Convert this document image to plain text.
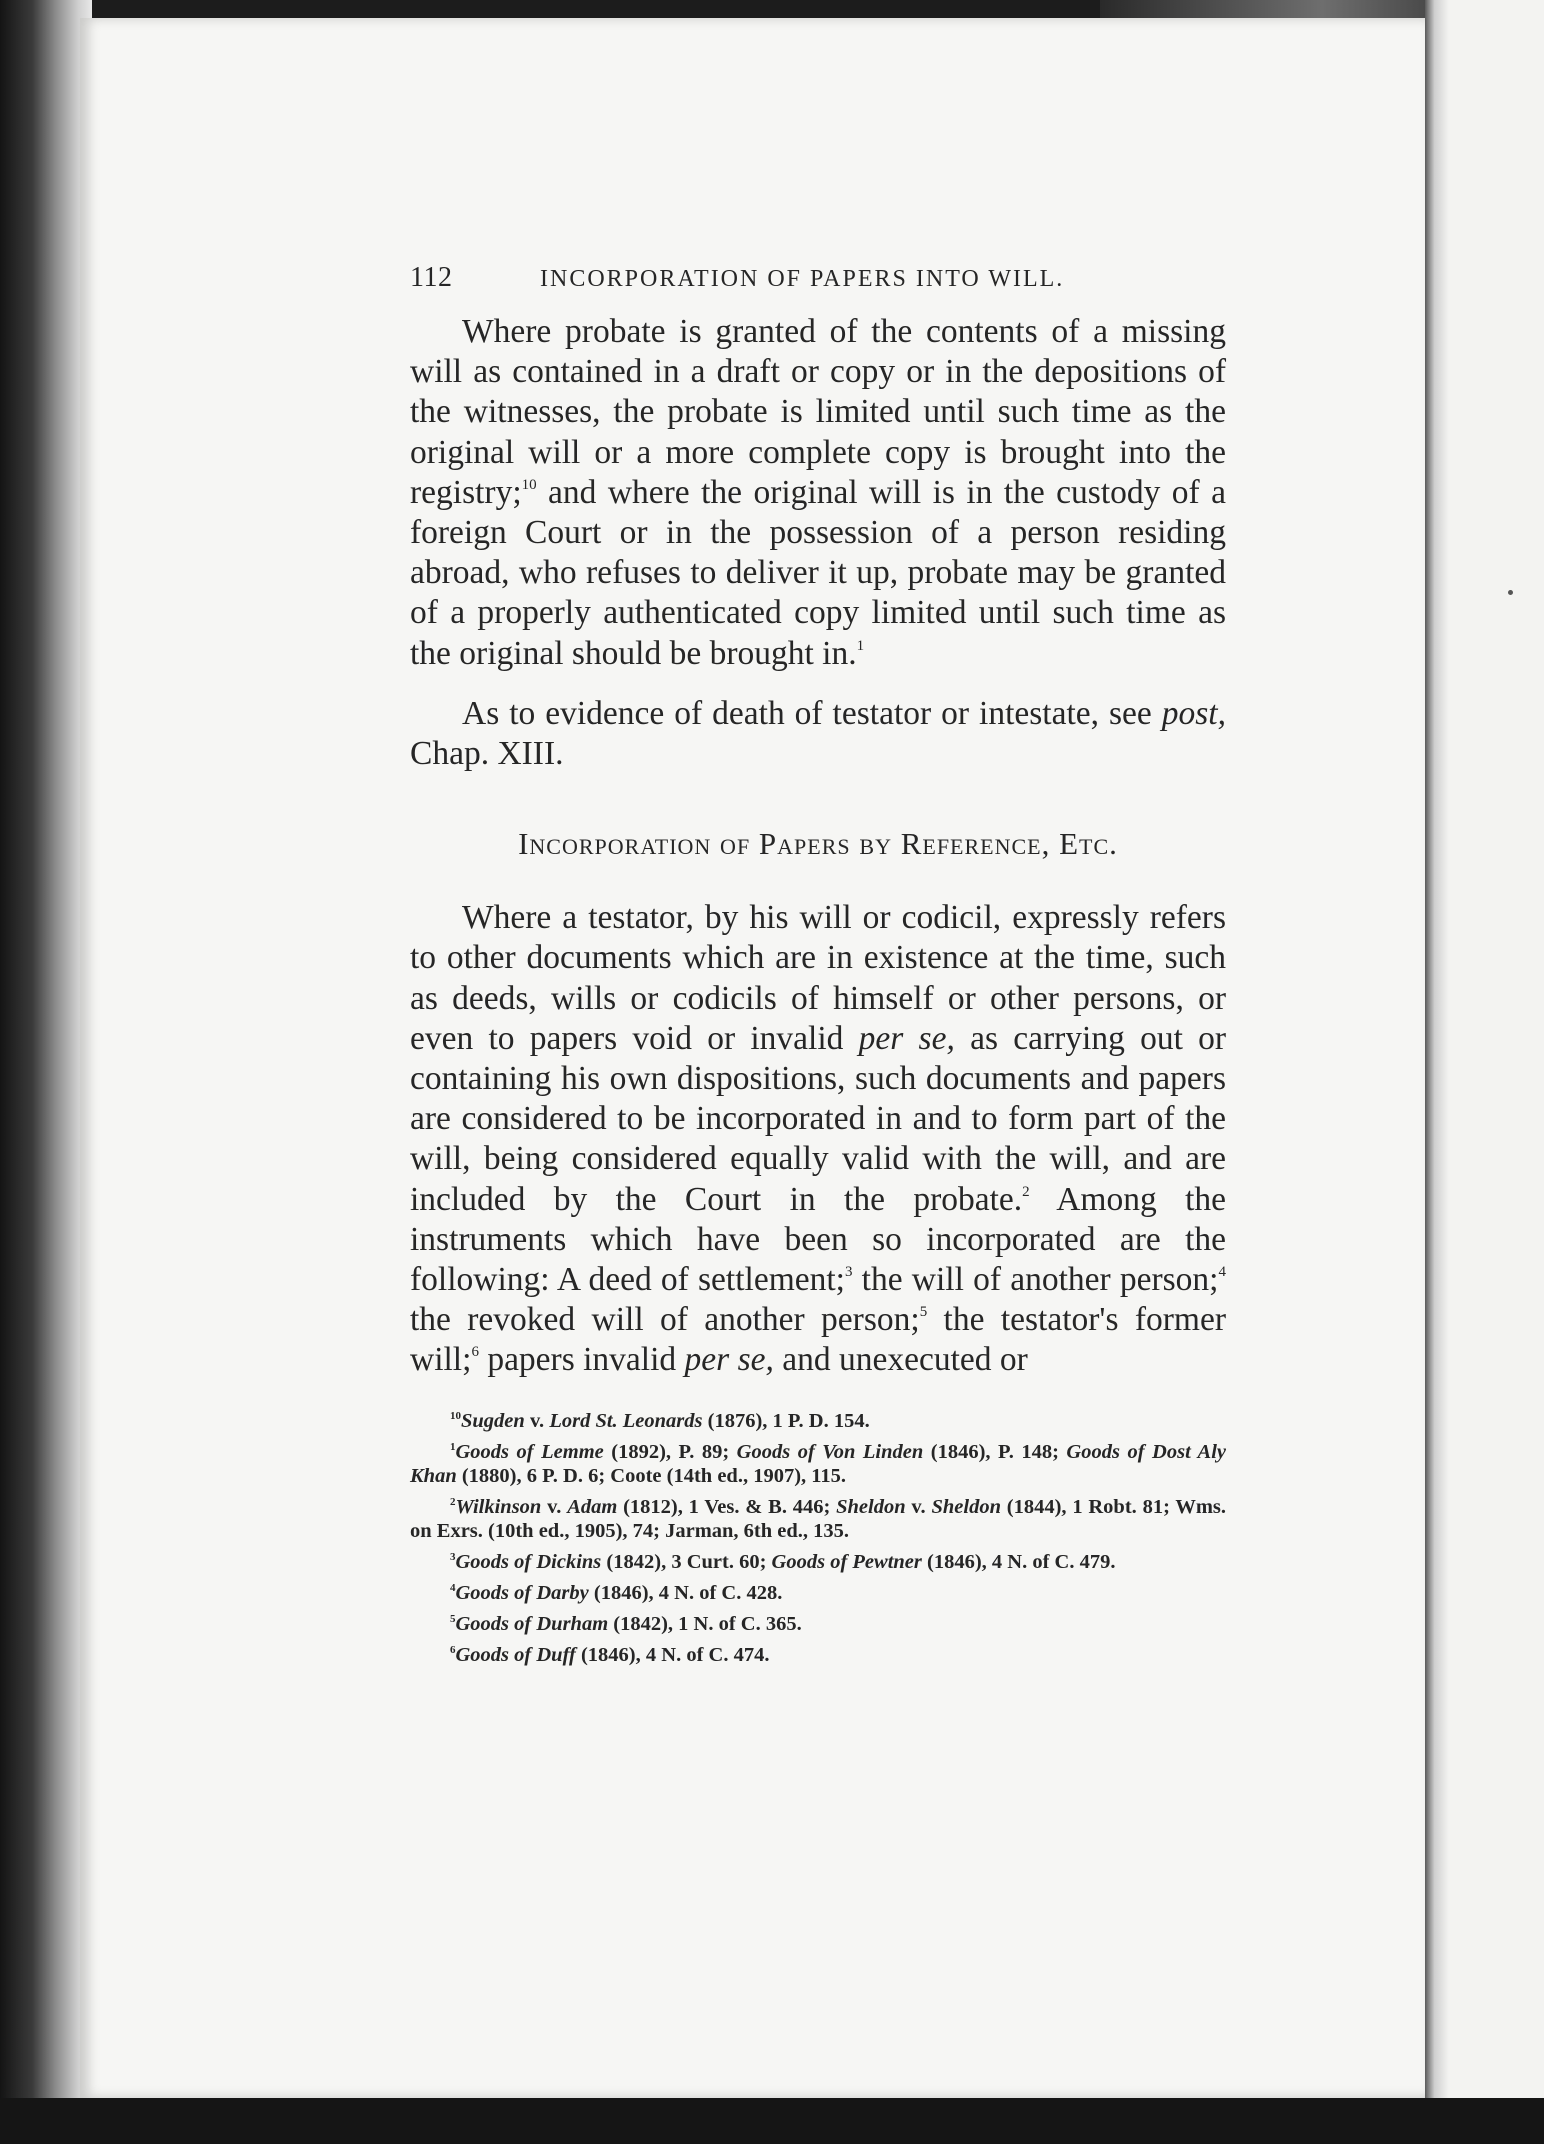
112	INCORPORATION OF PAPERS INTO WILL.

Where probate is granted of the contents of a missing will as contained in a draft or copy or in the depositions of the witnesses, the probate is limited until such time as the original will or a more complete copy is brought into the registry;$^{10}$ and where the original will is in the custody of a foreign Court or in the possession of a person residing abroad, who refuses to deliver it up, probate may be granted of a properly authenticated copy limited until such time as the original should be brought in.$^1$

As to evidence of death of testator or intestate, see post, Chap. XIII.

Incorporation of Papers by Reference, Etc.

Where a testator, by his will or codicil, expressly refers to other documents which are in existence at the time, such as deeds, wills or codicils of himself or other persons, or even to papers void or invalid per se, as carrying out or containing his own dispositions, such documents and papers are considered to be incorporated in and to form part of the will, being considered equally valid with the will, and are included by the Court in the probate.$^2$ Among the instruments which have been so incorporated are the following: A deed of settlement;$^3$ the will of another person;$^4$ the revoked will of another person;$^5$ the testator's former will;$^6$ papers invalid per se, and unexecuted or

$^{10}$Sugden v. Lord St. Leonards (1876), 1 P. D. 154.

$^1$Goods of Lemme (1892), P. 89; Goods of Von Linden (1846), P. 148; Goods of Dost Aly Khan (1880), 6 P. D. 6; Coote (14th ed., 1907), 115.

$^2$Wilkinson v. Adam (1812), 1 Ves. & B. 446; Sheldon v. Sheldon (1844), 1 Robt. 81; Wms. on Exrs. (10th ed., 1905), 74; Jarman, 6th ed., 135.

$^3$Goods of Dickins (1842), 3 Curt. 60; Goods of Pewtner (1846), 4 N. of C. 479.

$^4$Goods of Darby (1846), 4 N. of C. 428.

$^5$Goods of Durham (1842), 1 N. of C. 365.

$^6$Goods of Duff (1846), 4 N. of C. 474.
